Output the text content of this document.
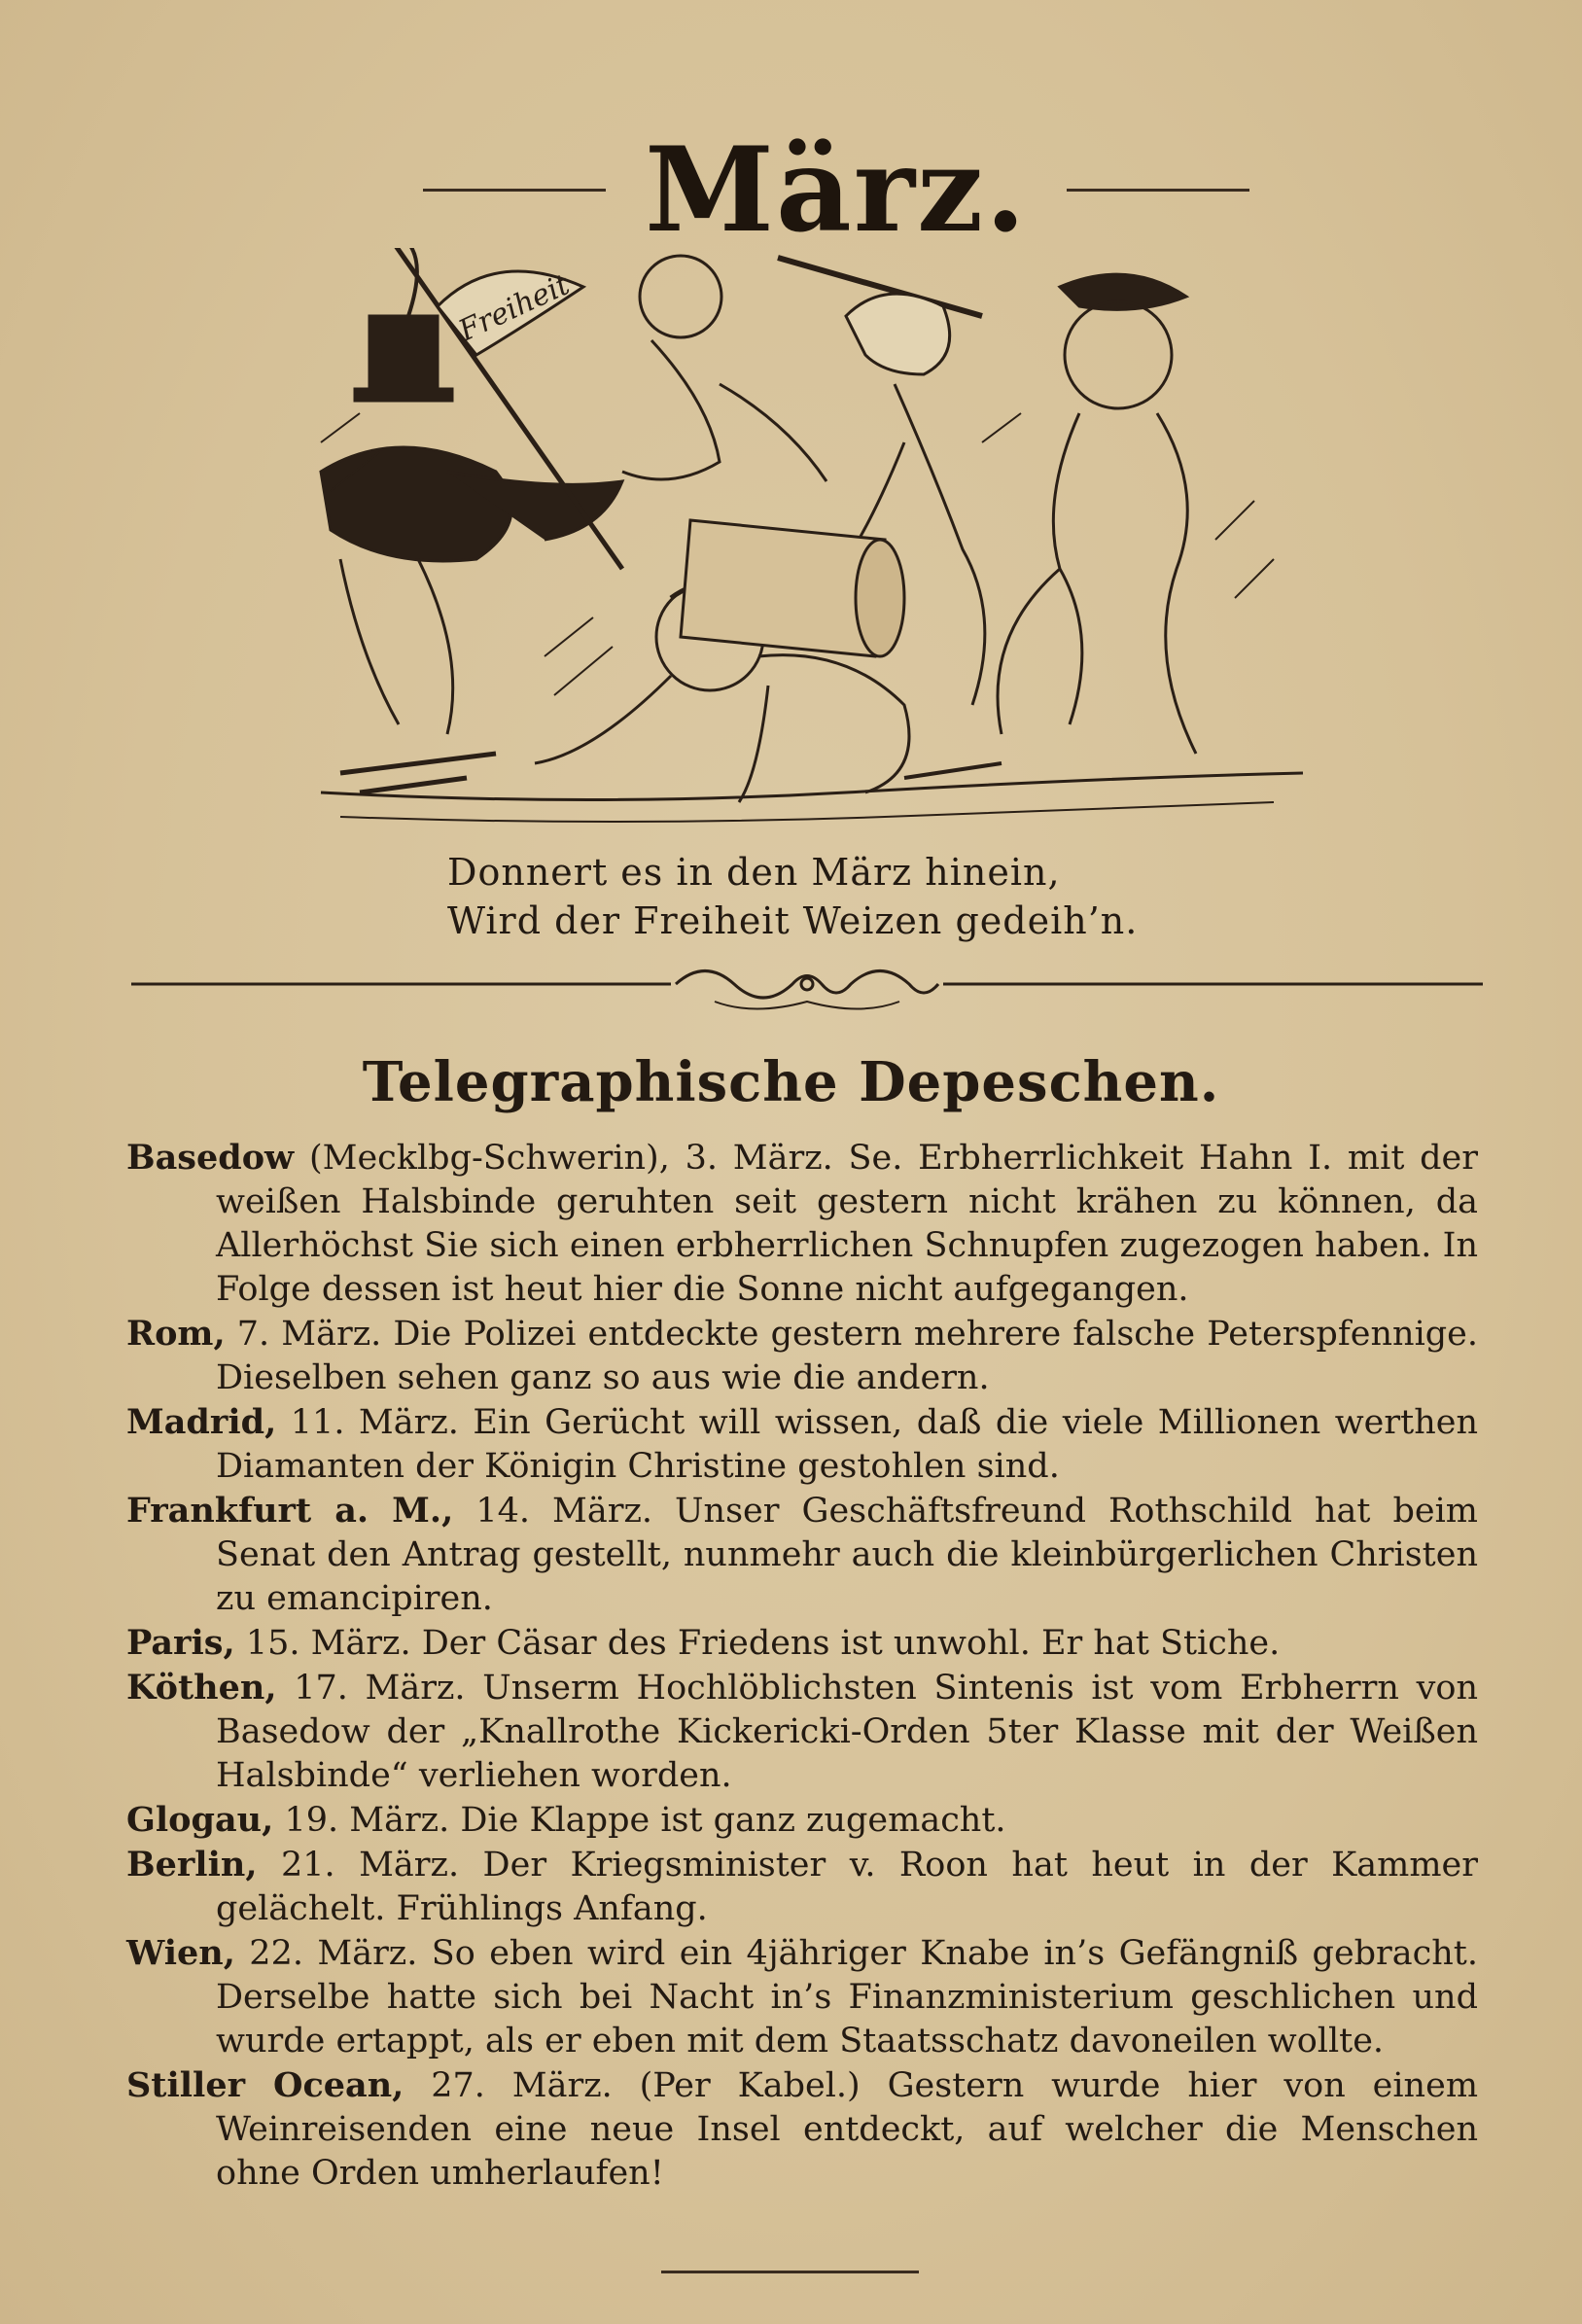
März.
Freiheit
Donnert es in den März hinein,
Wird der Freiheit Weizen gedeih’n.
Telegraphische Depeschen.

Basedow (Mecklbg-Schwerin), 3. März. Se. Erbherrlichkeit Hahn I. mit der weißen Halsbinde geruhten seit gestern nicht krähen zu können, da Allerhöchst Sie sich einen erbherrlichen Schnupfen zugezogen haben. In Folge dessen ist heut hier die Sonne nicht aufgegangen.

Rom, 7. März. Die Polizei entdeckte gestern mehrere falsche Peterspfennige. Dieselben sehen ganz so aus wie die andern.

Madrid, 11. März. Ein Gerücht will wissen, daß die viele Millionen werthen Diamanten der Königin Christine gestohlen sind.

Frankfurt a. M., 14. März. Unser Geschäftsfreund Rothschild hat beim Senat den Antrag gestellt, nunmehr auch die kleinbürgerlichen Christen zu emancipiren.

Paris, 15. März. Der Cäsar des Friedens ist unwohl. Er hat Stiche.

Köthen, 17. März. Unserm Hochlöblichsten Sintenis ist vom Erbherrn von Basedow der „Knallrothe Kickericki-Orden 5ter Klasse mit der Weißen Halsbinde“ verliehen worden.

Glogau, 19. März. Die Klappe ist ganz zugemacht.

Berlin, 21. März. Der Kriegsminister v. Roon hat heut in der Kammer gelächelt. Frühlings Anfang.

Wien, 22. März. So eben wird ein 4jähriger Knabe in’s Gefängniß gebracht. Derselbe hatte sich bei Nacht in’s Finanzministerium geschlichen und wurde ertappt, als er eben mit dem Staatsschatz davoneilen wollte.

Stiller Ocean, 27. März. (Per Kabel.) Gestern wurde hier von einem Weinreisenden eine neue Insel entdeckt, auf welcher die Menschen ohne Orden umherlaufen!
